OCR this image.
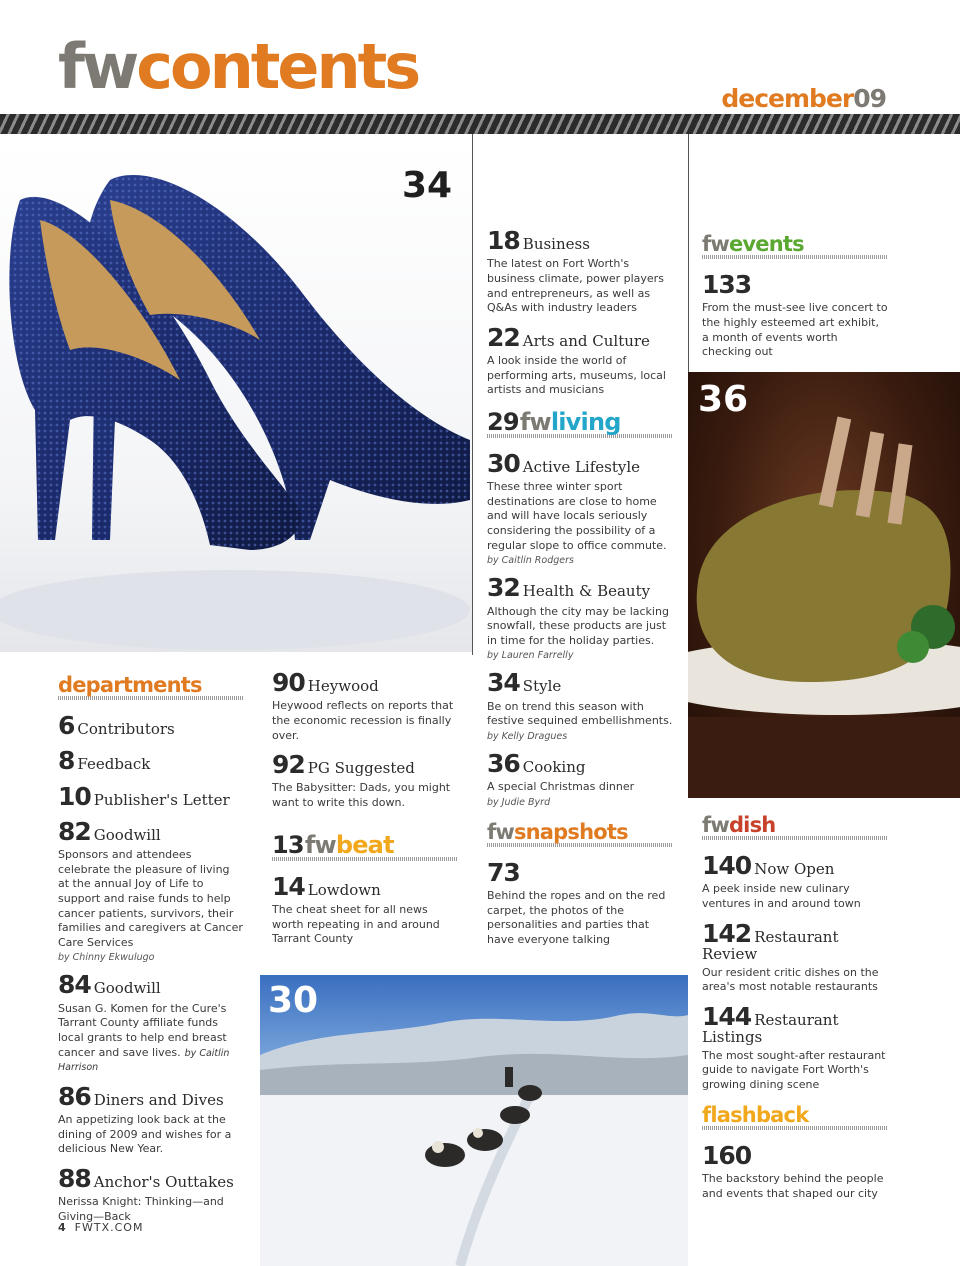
fwcontents	december09
34
36
30
departments
6 Contributors
8 Feedback
10 Publisher's Letter
82 Goodwill
Sponsors and attendees celebrate the pleasure of living at the annual Joy of Life to support and raise funds to help cancer patients, survivors, their families and caregivers at Cancer Care Services
by Chinny Ekwulugo
84 Goodwill
Susan G. Komen for the Cure's Tarrant County affiliate funds local grants to help end breast cancer and save lives. by Caitlin Harrison
86 Diners and Dives
An appetizing look back at the dining of 2009 and wishes for a delicious New Year.
88 Anchor's Outtakes
Nerissa Knight: Thinking—and Giving—Back
90 Heywood
Heywood reflects on reports that the economic recession is finally over.
92 PG Suggested
The Babysitter: Dads, you might want to write this down.
13fwbeat
14 Lowdown
The cheat sheet for all news worth repeating in and around Tarrant County
18 Business
The latest on Fort Worth's business climate, power players and entrepreneurs, as well as Q&As with industry leaders
22 Arts and Culture
A look inside the world of performing arts, museums, local artists and musicians
29fwliving
30 Active Lifestyle
These three winter sport destinations are close to home and will have locals seriously considering the possibility of a regular slope to office commute.
by Caitlin Rodgers
32 Health & Beauty
Although the city may be lacking snowfall, these products are just in time for the holiday parties.
by Lauren Farrelly
34 Style
Be on trend this season with festive sequined embellishments.
by Kelly Dragues
36 Cooking
A special Christmas dinner
by Judie Byrd
fwsnapshots
73
Behind the ropes and on the red carpet, the photos of the personalities and parties that have everyone talking
fwevents
133
From the must-see live concert to the highly esteemed art exhibit, a month of events worth checking out
fwdish
140 Now Open
A peek inside new culinary ventures in and around town
142 Restaurant Review
Our resident critic dishes on the area's most notable restaurants
144 Restaurant Listings
The most sought-after restaurant guide to navigate Fort Worth's growing dining scene
flashback
160
The backstory behind the people and events that shaped our city
4 FWTX.COM
